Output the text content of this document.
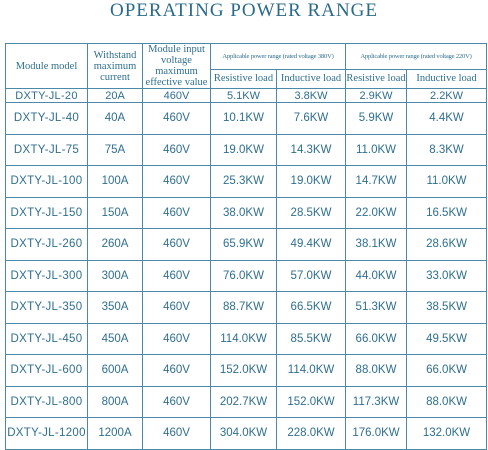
OPERATING POWER RANGE
Module model	Withstand maximum current	Module input voltage maximum effective value	Applicable power range (rated voltage 380V)		Applicable power range (rated voltage 220V)	
			Resistive load	Inductive load	Resistive load	Inductive load
DXTY-JL-20	20A	460V	5.1KW	3.8KW	2.9KW	2.2KW
DXTY-JL-40	40A	460V	10.1KW	7.6KW	5.9KW	4.4KW
DXTY-JL-75	75A	460V	19.0KW	14.3KW	11.0KW	8.3KW
DXTY-JL-100	100A	460V	25.3KW	19.0KW	14.7KW	11.0KW
DXTY-JL-150	150A	460V	38.0KW	28.5KW	22.0KW	16.5KW
DXTY-JL-260	260A	460V	65.9KW	49.4KW	38.1KW	28.6KW
DXTY-JL-300	300A	460V	76.0KW	57.0KW	44.0KW	33.0KW
DXTY-JL-350	350A	460V	88.7KW	66.5KW	51.3KW	38.5KW
DXTY-JL-450	450A	460V	114.0KW	85.5KW	66.0KW	49.5KW
DXTY-JL-600	600A	460V	152.0KW	114.0KW	88.0KW	66.0KW
DXTY-JL-800	800A	460V	202.7KW	152.0KW	117.3KW	88.0KW
DXTY-JL-1200	1200A	460V	304.0KW	228.0KW	176.0KW	132.0KW
